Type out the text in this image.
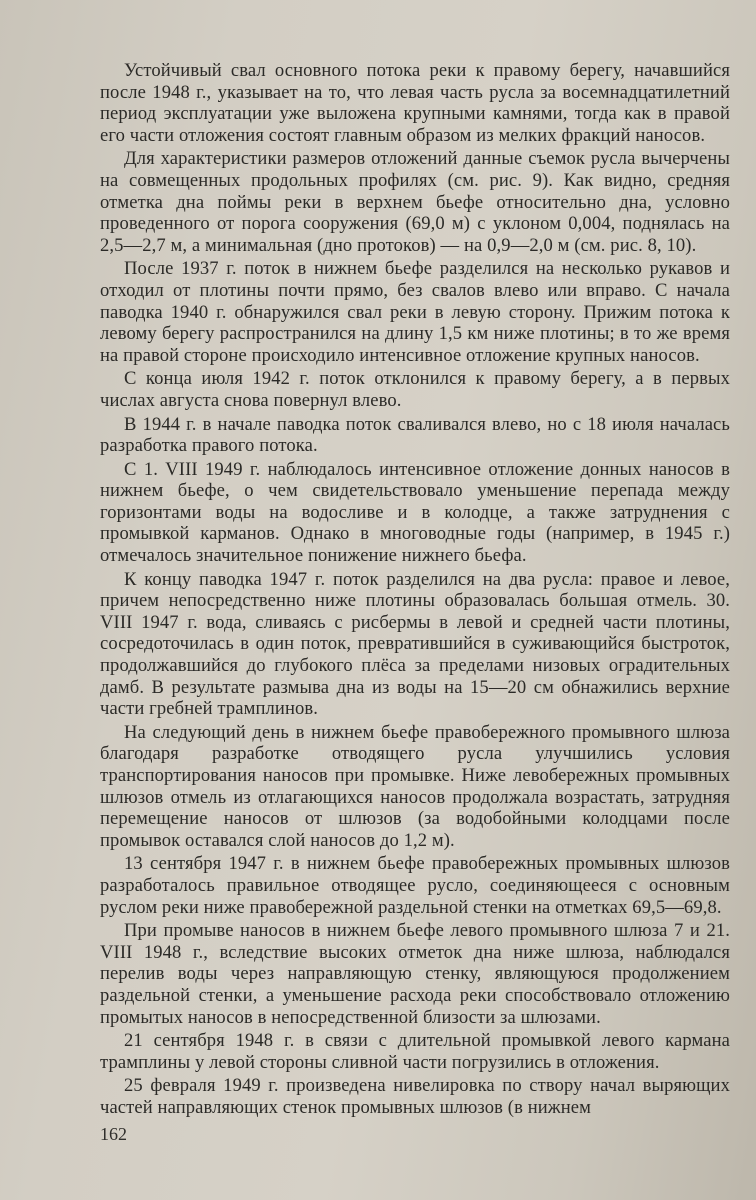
Устойчивый свал основного потока реки к правому берегу, начавшийся после 1948 г., указывает на то, что левая часть русла за восемнадцатилетний период эксплуатации уже выложена крупными камнями, тогда как в правой его части отложения состоят главным образом из мелких фракций наносов.

Для характеристики размеров отложений данные съемок русла вычерчены на совмещенных продольных профилях (см. рис. 9). Как видно, средняя отметка дна поймы реки в верхнем бьефе относительно дна, условно проведенного от порога сооружения (69,0 м) с уклоном 0,004, поднялась на 2,5—2,7 м, а минимальная (дно протоков) — на 0,9—2,0 м (см. рис. 8, 10).

После 1937 г. поток в нижнем бьефе разделился на несколько рукавов и отходил от плотины почти прямо, без свалов влево или вправо. С начала паводка 1940 г. обнаружился свал реки в левую сторону. Прижим потока к левому берегу распространился на длину 1,5 км ниже плотины; в то же время на правой стороне происходило интенсивное отложение крупных наносов.

С конца июля 1942 г. поток отклонился к правому берегу, а в первых числах августа снова повернул влево.

В 1944 г. в начале паводка поток сваливался влево, но с 18 июля началась разработка правого потока.

С 1. VIII 1949 г. наблюдалось интенсивное отложение донных наносов в нижнем бьефе, о чем свидетельствовало уменьшение перепада между горизонтами воды на водосливе и в колодце, а также затруднения с промывкой карманов. Однако в многоводные годы (например, в 1945 г.) отмечалось значительное понижение нижнего бьефа.

К концу паводка 1947 г. поток разделился на два русла: правое и левое, причем непосредственно ниже плотины образовалась большая отмель. 30. VIII 1947 г. вода, сливаясь с рисбермы в левой и средней части плотины, сосредоточилась в один поток, превратившийся в суживающийся быстроток, продолжавшийся до глубокого плёса за пределами низовых оградительных дамб. В результате размыва дна из воды на 15—20 см обнажились верхние части гребней трамплинов.

На следующий день в нижнем бьефе правобережного промывного шлюза благодаря разработке отводящего русла улучшились условия транспортирования наносов при промывке. Ниже левобережных промывных шлюзов отмель из отлагающихся наносов продолжала возрастать, затрудняя перемещение наносов от шлюзов (за водобойными колодцами после промывок оставался слой наносов до 1,2 м).

13 сентября 1947 г. в нижнем бьефе правобережных промывных шлюзов разработалось правильное отводящее русло, соединяющееся с основным руслом реки ниже правобережной раздельной стенки на отметках 69,5—69,8.

При промыве наносов в нижнем бьефе левого промывного шлюза 7 и 21. VIII 1948 г., вследствие высоких отметок дна ниже шлюза, наблюдался перелив воды через направляющую стенку, являющуюся продолжением раздельной стенки, а уменьшение расхода реки способствовало отложению промытых наносов в непосредственной близости за шлюзами.

21 сентября 1948 г. в связи с длительной промывкой левого кармана трамплины у левой стороны сливной части погрузились в отложения.

25 февраля 1949 г. произведена нивелировка по створу начал выряющих частей направляющих стенок промывных шлюзов (в нижнем

162
